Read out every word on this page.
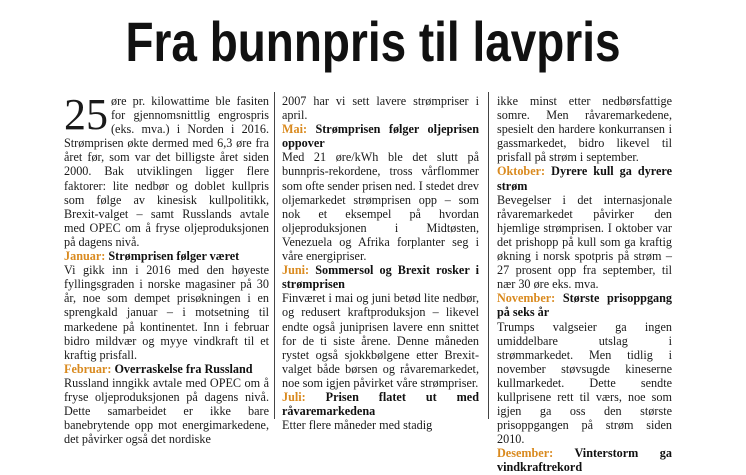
Fra bunnpris til lavpris

25 øre pr. kilowattime ble fasiten for gjennomsnittlig engrospris (eks. mva.) i Norden i 2016. Strømprisen økte dermed med 6,3 øre fra året før, som var det billigste året siden 2000. Bak utviklingen ligger flere faktorer: lite nedbør og doblet kullpris som følge av kinesisk kullpolitikk, Brexit-valget – samt Russlands avtale med OPEC om å fryse oljeproduksjonen på dagens nivå.

Januar: Strømprisen følger været

Vi gikk inn i 2016 med den høyeste fyllingsgraden i norske magasiner på 30 år, noe som dempet prisøkningen i en sprengkald januar – i motsetning til markedene på kontinentet. Inn i februar bidro mildvær og myye vindkraft til et kraftig prisfall.

Februar: Overraskelse fra Russland

Russland inngikk avtale med OPEC om å fryse oljeproduksjonen på dagens nivå. Dette samarbeidet er ikke bare banebrytende opp mot energimarkedene, det påvirker også det nordiske

2007 har vi sett lavere strømpriser i april.

Mai: Strømprisen følger oljeprisen oppover

Med 21 øre/kWh ble det slutt på bunnpris-rekordene, tross vårflommer som ofte sender prisen ned. I stedet drev oljemarkedet strømprisen opp – som nok et eksempel på hvordan oljeproduksjonen i Midtøsten, Venezuela og Afrika forplanter seg i våre energipriser.

Juni: Sommersol og Brexit rosker i strømprisen

Finværet i mai og juni betød lite nedbør, og redusert kraftproduksjon – likevel endte også juniprisen lavere enn snittet for de ti siste årene. Denne måneden rystet også sjokkbølgene etter Brexit-valget både børsen og råvaremarkedet, noe som igjen påvirket våre strømpriser.

Juli: Prisen flatet ut med råvaremarkedena

Etter flere måneder med stadig

ikke minst etter nedbørsfattige somre. Men råvaremarkedene, spesielt den hardere konkurransen i gassmarkedet, bidro likevel til prisfall på strøm i september.

Oktober: Dyrere kull ga dyrere strøm

Bevegelser i det internasjonale råvaremarkedet påvirker den hjemlige strømprisen. I oktober var det prishopp på kull som ga kraftig økning i norsk spotpris på strøm – 27 prosent opp fra september, til nær 30 øre eks. mva.

November: Største prisoppgang på seks år

Trumps valgseier ga ingen umiddelbare utslag i strømmarkedet. Men tidlig i november støvsugde kineserne kullmarkedet. Dette sendte kullprisene rett til værs, noe som igjen ga oss den største prisoppgangen på strøm siden 2010.

Desember: Vinterstorm ga vindkraftrekord
